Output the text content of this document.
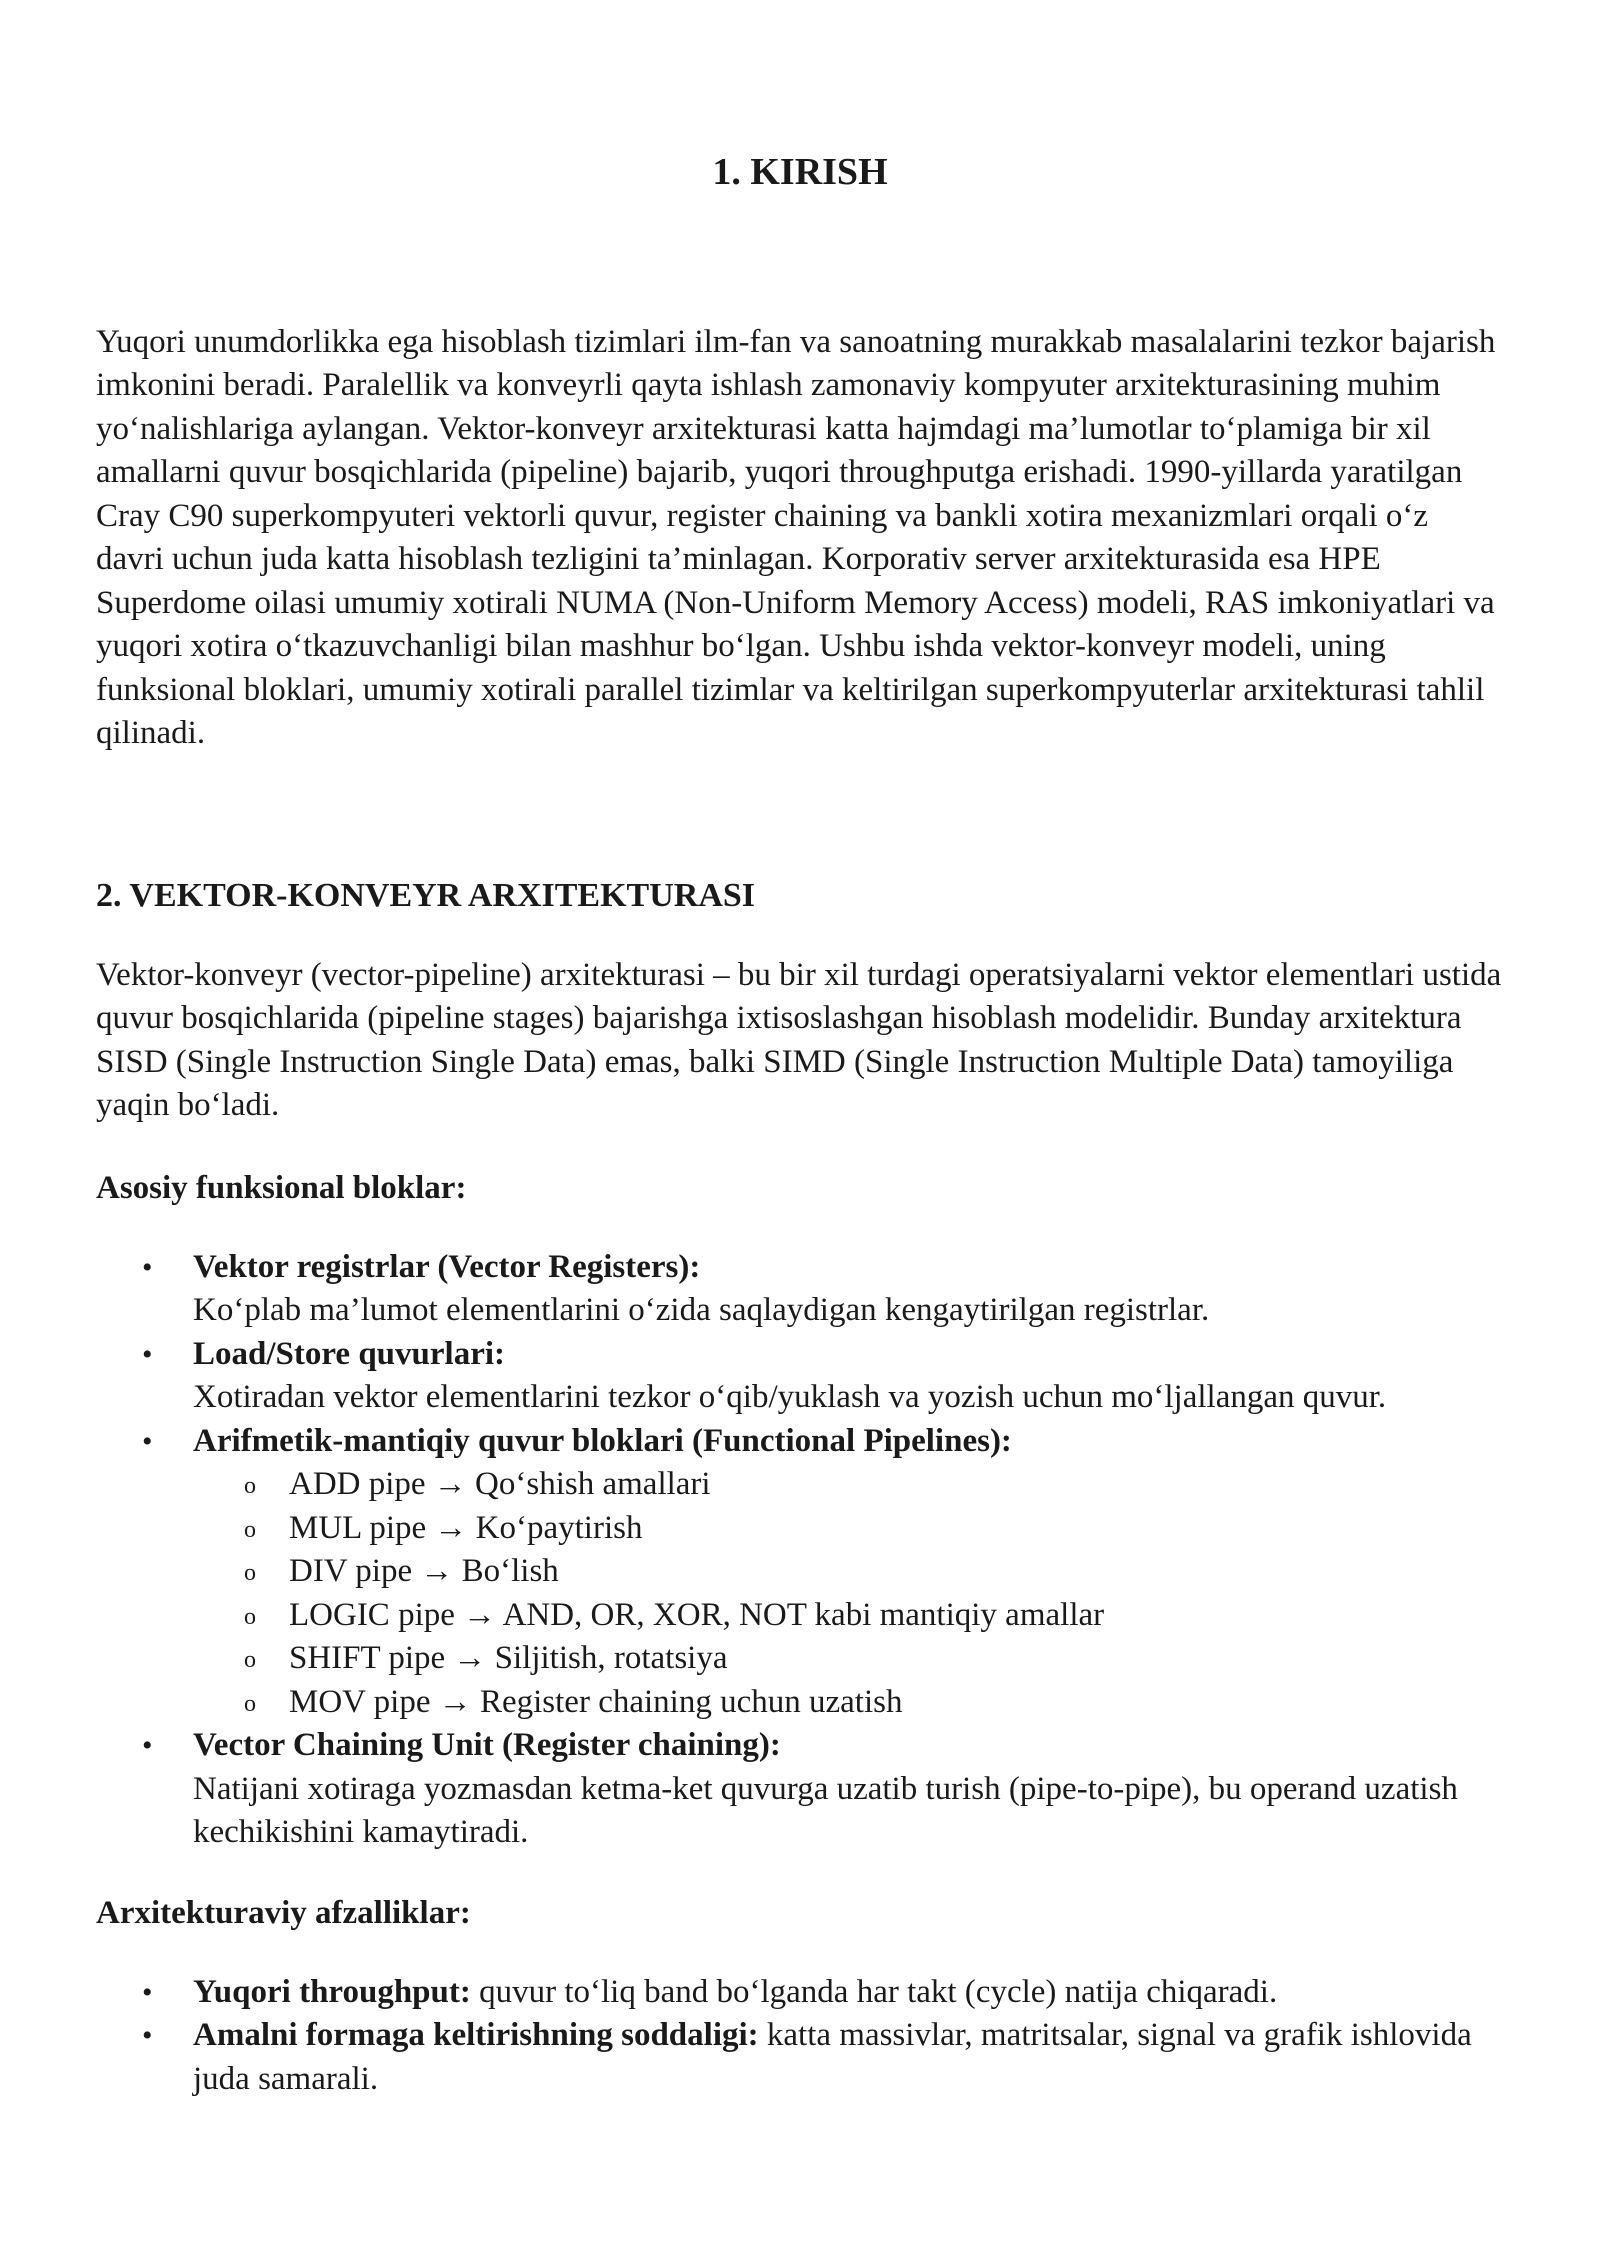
1. KIRISH

Yuqori unumdorlikka ega hisoblash tizimlari ilm-fan va sanoatning murakkab masalalarini tezkor bajarish imkonini beradi. Paralellik va konveyrli qayta ishlash zamonaviy kompyuter arxitekturasining muhim yo‘nalishlariga aylangan. Vektor-konveyr arxitekturasi katta hajmdagi ma’lumotlar to‘plamiga bir xil amallarni quvur bosqichlarida (pipeline) bajarib, yuqori throughputga erishadi. 1990-yillarda yaratilgan Cray C90 superkompyuteri vektorli quvur, register chaining va bankli xotira mexanizmlari orqali o‘z davri uchun juda katta hisoblash tezligini ta’minlagan. Korporativ server arxitekturasida esa HPE Superdome oilasi umumiy xotirali NUMA (Non-Uniform Memory Access) modeli, RAS imkoniyatlari va yuqori xotira o‘tkazuvchanligi bilan mashhur bo‘lgan. Ushbu ishda vektor-konveyr modeli, uning funksional bloklari, umumiy xotirali parallel tizimlar va keltirilgan superkompyuterlar arxitekturasi tahlil qilinadi.

2. VEKTOR-KONVEYR ARXITEKTURASI

Vektor-konveyr (vector-pipeline) arxitekturasi – bu bir xil turdagi operatsiyalarni vektor elementlari ustida quvur bosqichlarida (pipeline stages) bajarishga ixtisoslashgan hisoblash modelidir. Bunday arxitektura SISD (Single Instruction Single Data) emas, balki SIMD (Single Instruction Multiple Data) tamoyiliga yaqin bo‘ladi.

Asosiy funksional bloklar:
• Vektor registrlar (Vector Registers):
Ko‘plab ma’lumot elementlarini o‘zida saqlaydigan kengaytirilgan registrlar.
• Load/Store quvurlari:
Xotiradan vektor elementlarini tezkor o‘qib/yuklash va yozish uchun mo‘ljallangan quvur.
• Arifmetik-mantiqiy quvur bloklari (Functional Pipelines):
o ADD pipe → Qo‘shish amallari
o MUL pipe → Ko‘paytirish
o DIV pipe → Bo‘lish
o LOGIC pipe → AND, OR, XOR, NOT kabi mantiqiy amallar
o SHIFT pipe → Siljitish, rotatsiya
o MOV pipe → Register chaining uchun uzatish
• Vector Chaining Unit (Register chaining):
Natijani xotiraga yozmasdan ketma-ket quvurga uzatib turish (pipe-to-pipe), bu operand uzatish kechikishini kamaytiradi.
Arxitekturaviy afzalliklar:
• Yuqori throughput: quvur to‘liq band bo‘lganda har takt (cycle) natija chiqaradi.
• Amalni formaga keltirishning soddaligi: katta massivlar, matritsalar, signal va grafik ishlovida juda samarali.
